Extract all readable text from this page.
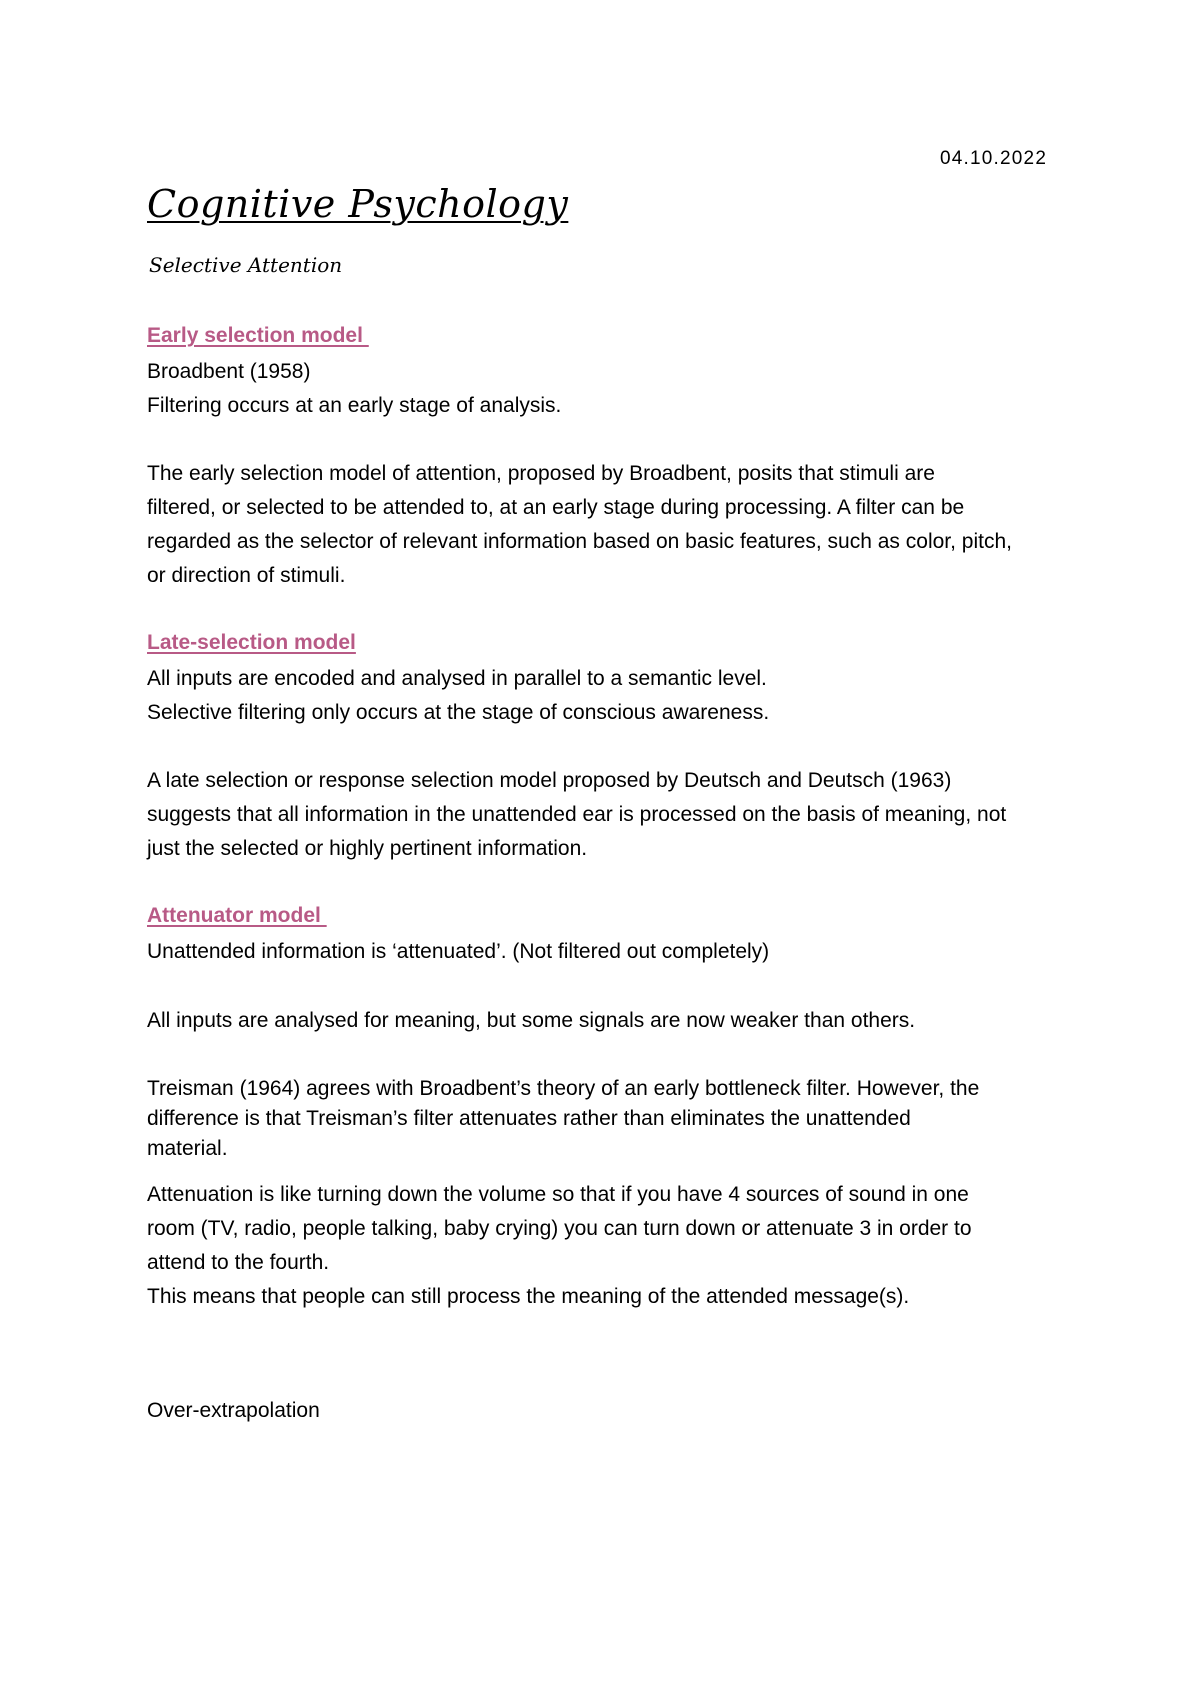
04.10.2022
Cognitive Psychology
Selective Attention
Early selection model
Broadbent (1958)
Filtering occurs at an early stage of analysis.
The early selection model of attention, proposed by Broadbent, posits that stimuli are
filtered, or selected to be attended to, at an early stage during processing. A filter can be
regarded as the selector of relevant information based on basic features, such as color, pitch,
or direction of stimuli.
Late-selection model
All inputs are encoded and analysed in parallel to a semantic level.
Selective filtering only occurs at the stage of conscious awareness.
A late selection or response selection model proposed by Deutsch and Deutsch (1963)
suggests that all information in the unattended ear is processed on the basis of meaning, not
just the selected or highly pertinent information.
Attenuator model
Unattended information is ‘attenuated’. (Not filtered out completely)
All inputs are analysed for meaning, but some signals are now weaker than others.
Treisman (1964) agrees with Broadbent’s theory of an early bottleneck filter. However, the
difference is that Treisman’s filter attenuates rather than eliminates the unattended
material.
Attenuation is like turning down the volume so that if you have 4 sources of sound in one
room (TV, radio, people talking, baby crying) you can turn down or attenuate 3 in order to
attend to the fourth.
This means that people can still process the meaning of the attended message(s).
Over-extrapolation
